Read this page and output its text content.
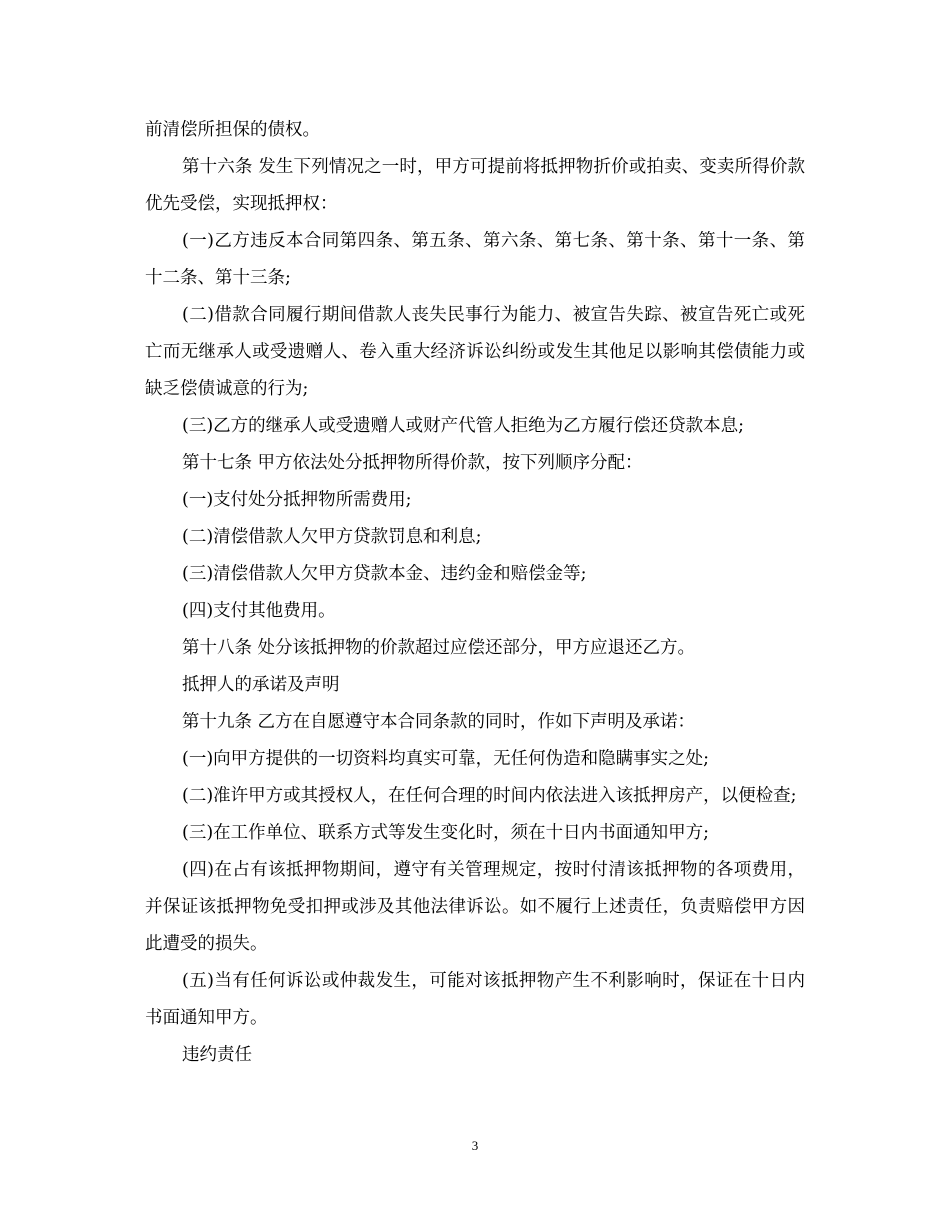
前清偿所担保的债权。

第十六条 发生下列情况之一时，甲方可提前将抵押物折价或拍卖、变卖所得价款优先受偿，实现抵押权：

(一)乙方违反本合同第四条、第五条、第六条、第七条、第十条、第十一条、第十二条、第十三条;

(二)借款合同履行期间借款人丧失民事行为能力、被宣告失踪、被宣告死亡或死亡而无继承人或受遗赠人、卷入重大经济诉讼纠纷或发生其他足以影响其偿债能力或缺乏偿债诚意的行为;

(三)乙方的继承人或受遗赠人或财产代管人拒绝为乙方履行偿还贷款本息;

第十七条 甲方依法处分抵押物所得价款，按下列顺序分配：

(一)支付处分抵押物所需费用;

(二)清偿借款人欠甲方贷款罚息和利息;

(三)清偿借款人欠甲方贷款本金、违约金和赔偿金等;

(四)支付其他费用。

第十八条 处分该抵押物的价款超过应偿还部分，甲方应退还乙方。

抵押人的承诺及声明

第十九条 乙方在自愿遵守本合同条款的同时，作如下声明及承诺：

(一)向甲方提供的一切资料均真实可靠，无任何伪造和隐瞒事实之处;

(二)准许甲方或其授权人，在任何合理的时间内依法进入该抵押房产，以便检查;

(三)在工作单位、联系方式等发生变化时，须在十日内书面通知甲方;

(四)在占有该抵押物期间，遵守有关管理规定，按时付清该抵押物的各项费用，并保证该抵押物免受扣押或涉及其他法律诉讼。如不履行上述责任，负责赔偿甲方因此遭受的损失。

(五)当有任何诉讼或仲裁发生，可能对该抵押物产生不利影响时，保证在十日内书面通知甲方。

违约责任

3
